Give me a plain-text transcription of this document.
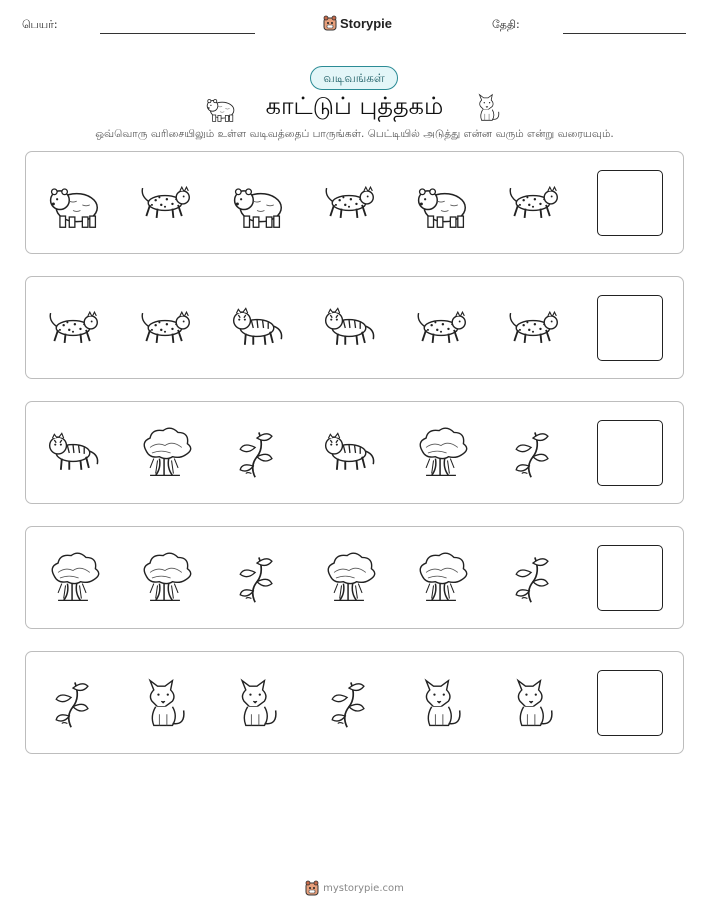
பெயர்:	Storypie	தேதி:
வடிவங்கள்
காட்டுப் புத்தகம்
ஒவ்வொரு வரிசையிலும் உள்ள வடிவத்தைப் பாருங்கள். பெட்டியில் அடுத்து என்ன வரும் என்று வரையவும்.
mystorypie.com
